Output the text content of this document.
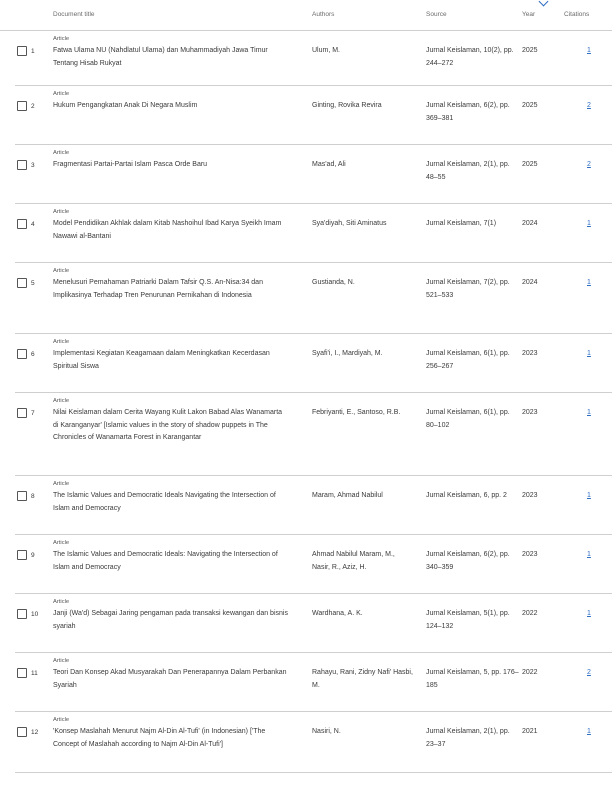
Document title	Authors	Source	Year	Citations
1
Article
Fatwa Ulama NU (Nahdlatul Ulama) dan Muhammadiyah Jawa Timur Tentang Hisab Rukyat
Ulum, M.	Jurnal Keislaman, 10(2), pp. 244–272
2025	1
2
Article
Hukum Pengangkatan Anak Di Negara Muslim	Ginting, Rovika Revira	Jurnal Keislaman, 6(2), pp. 369–381
2025	2
3
Article
Fragmentasi Partai-Partai Islam Pasca Orde Baru	Mas'ad, Ali	Jurnal Keislaman, 2(1), pp. 48–55
2025	2
4
Article
Model Pendidikan Akhlak dalam Kitab Nashoihul Ibad Karya Syeikh Imam Nawawi al-Bantani
Sya'diyah, Siti Aminatus	Jurnal Keislaman, 7(1)	2024	1
5
Article
Menelusuri Pemahaman Patriarki Dalam Tafsir Q.S. An-Nisa:34 dan Implikasinya Terhadap Tren Penurunan Pernikahan di Indonesia
Gustianda, N.	Jurnal Keislaman, 7(2), pp. 521–533
2024	1
6
Article
Implementasi Kegiatan Keagamaan dalam Meningkatkan Kecerdasan Spiritual Siswa
Syafi'i, I., Mardiyah, M.	Jurnal Keislaman, 6(1), pp. 256–267
2023	1
7
Article
Nilai Keislaman dalam Cerita Wayang Kulit Lakon Babad Alas Wanamarta di Karanganyar' [Islamic values in the story of shadow puppets in The Chronicles of Wanamarta Forest in Karangantar
Febriyanti, E., Santoso, R.B.	Jurnal Keislaman, 6(1), pp. 80–102
2023	1
8
Article
The Islamic Values and Democratic Ideals Navigating the Intersection of Islam and Democracy
Maram, Ahmad Nabilul	Jurnal Keislaman, 6, pp. 2	2023	1
9
Article
The Islamic Values and Democratic Ideals: Navigating the Intersection of Islam and Democracy
Ahmad Nabilul Maram, M., Nasir, R., Aziz, H.
Jurnal Keislaman, 6(2), pp. 340–359
2023	1
10
Article
Janji (Wa'd) Sebagai Jaring pengaman pada transaksi kewangan dan bisnis syariah
Wardhana, A. K.	Jurnal Keislaman, 5(1), pp. 124–132
2022	1
11
Article
Teori Dan Konsep Akad Musyarakah Dan Penerapannya Dalam Perbankan Syariah
Rahayu, Rani, Zidny Nafi' Hasbi, M.
Jurnal Keislaman, 5, pp. 176–185
2022	2
12
Article
'Konsep Maslahah Menurut Najm Al-Din Al-Tufi' (in Indonesian) ['The Concept of Maslahah according to Najm Al-Din Al-Tufi']
Nasiri, N.	Jurnal Keislaman, 2(1), pp. 23–37
2021	1
